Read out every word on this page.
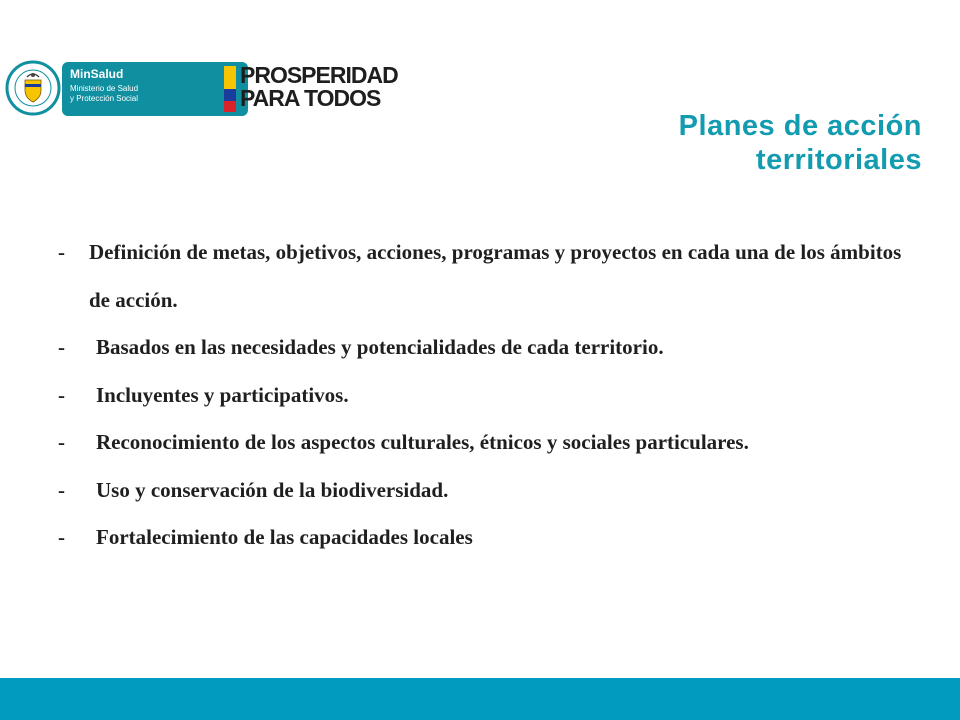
MinSalud
Ministerio de Salud
y Protección Social
PROSPERIDAD
PARA TODOS
Planes de acción
territoriales
- Definición de metas, objetivos, acciones, programas y proyectos en cada una de los ámbitos de acción.
- Basados en las necesidades y potencialidades de cada territorio.
- Incluyentes y participativos.
- Reconocimiento de los aspectos culturales, étnicos y sociales particulares.
- Uso y conservación de la biodiversidad.
- Fortalecimiento de las capacidades locales
